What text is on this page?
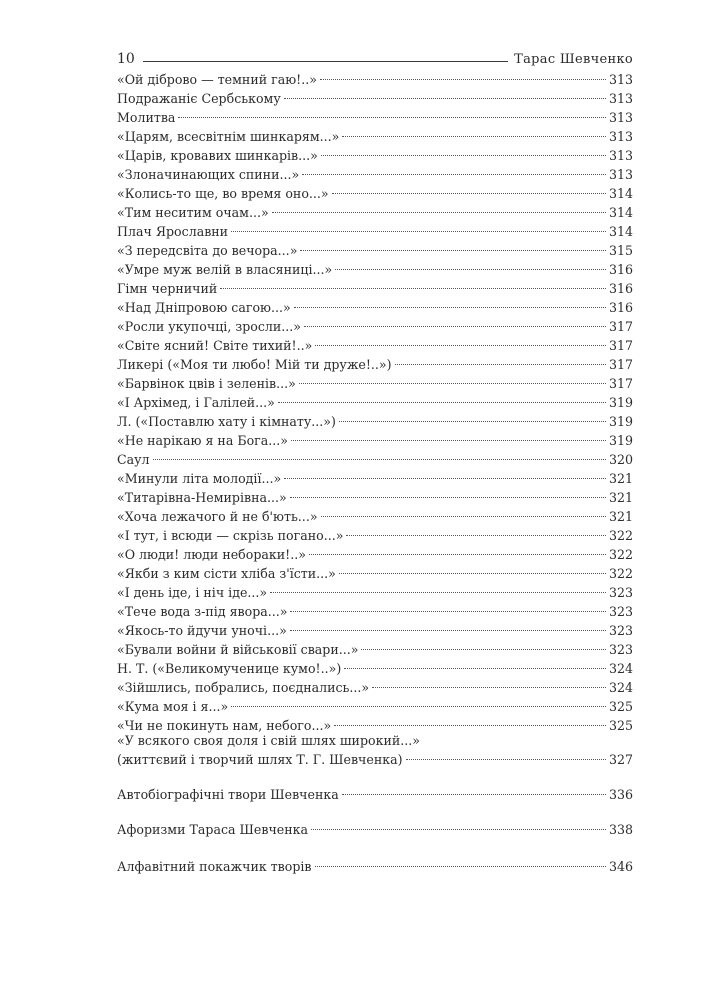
10	Тарас Шевченко
«Ой діброво — темний гаю!..»	313
Подражаніє Сербському	313
Молитва	313
«Царям, всесвітнім шинкарям...»	313
«Царів, кровавих шинкарів...»	313
«Злоначинающих спини...»	313
«Колись-то ще, во время оно...»	314
«Тим неситим очам...»	314
Плач Ярославни	314
«З передсвіта до вечора...»	315
«Умре муж велій в власяниці...»	316
Гімн черничий	316
«Над Дніпровою сагою...»	316
«Росли укупочці, зросли...»	317
«Світе ясний! Світе тихий!..»	317
Ликері («Моя ти любо! Мій ти друже!..»)	317
«Барвінок цвів і зеленів...»	317
«І Архімед, і Галілей...»	319
Л. («Поставлю хату і кімнату...»)	319
«Не нарікаю я на Бога...»	319
Саул	320
«Минули літа молодії...»	321
«Титарівна-Немирівна...»	321
«Хоча лежачого й не б'ють...»	321
«І тут, і всюди — скрізь погано...»	322
«О люди! люди небораки!..»	322
«Якби з ким сісти хліба з'їсти...»	322
«І день іде, і ніч іде...»	323
«Тече вода з-під явора...»	323
«Якось-то йдучи уночі...»	323
«Бували войни й військовії свари...»	323
Н. Т. («Великомученице кумо!..»)	324
«Зійшлись, побрались, поєднались...»	324
«Кума моя і я...»	325
«Чи не покинуть нам, небого...»	325
«У всякого своя доля і свій шлях широкий...»
(життєвий і творчий шлях Т. Г. Шевченка)	327
Автобіографічні твори Шевченка	336
Афоризми Тараса Шевченка	338
Алфавітний покажчик творів	346
